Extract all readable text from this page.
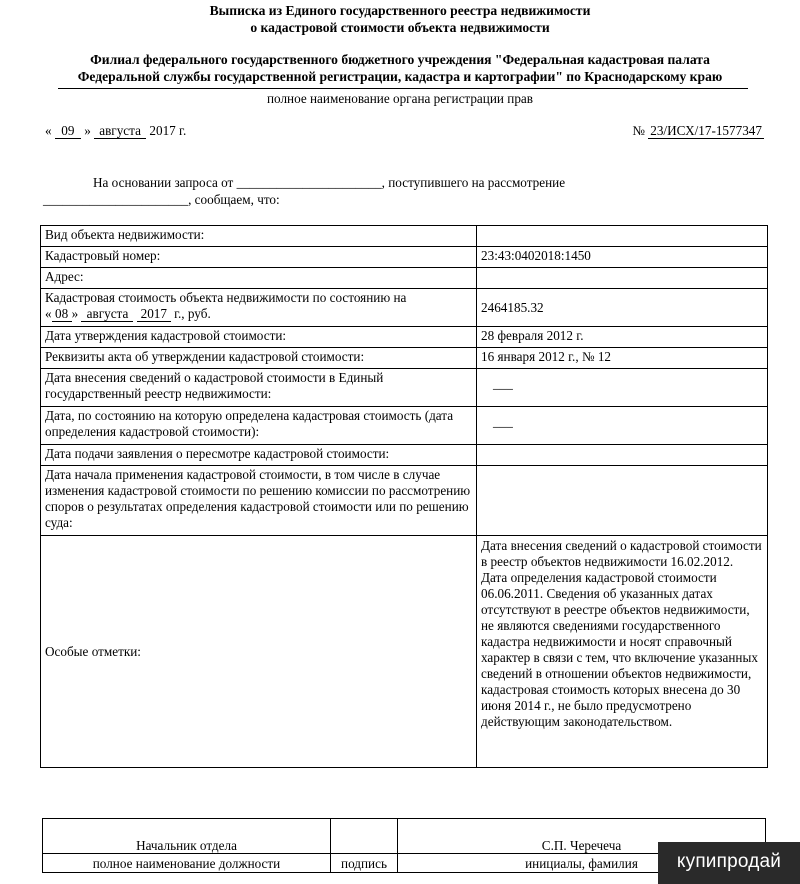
Выписка из Единого государственного реестра недвижимости
о кадастровой стоимости объекта недвижимости
Филиал федерального государственного бюджетного учреждения "Федеральная кадастровая палата
Федеральной службы государственной регистрации, кадастра и картографии" по Краснодарскому краю
полное наименование органа регистрации прав
« 09 » августа 2017 г.	№ 23/ИСХ/17-1577347
На основании запроса от ______________________, поступившего на рассмотрение
______________________, сообщаем, что:
Вид объекта недвижимости:	
Кадастровый номер:	23:43:0402018:1450
Адрес:	

Кадастровая стоимость объекта недвижимости по состоянию на
« 08 » августа 2017 г., руб.	2464185.32
Дата утверждения кадастровой стоимости:	28 февраля 2012 г.
Реквизиты акта об утверждении кадастровой стоимости:	16 января 2012 г., № 12
Дата внесения сведений о кадастровой стоимости в Единый государственный реестр недвижимости:	___
Дата, по состоянию на которую определена кадастровая стоимость (дата определения кадастровой стоимости):	___
Дата подачи заявления о пересмотре кадастровой стоимости:	
Дата начала применения кадастровой стоимости, в том числе в случае изменения кадастровой стоимости по решению комиссии по рассмотрению споров о результатах определения кадастровой стоимости или по решению суда:	
Особые отметки:	Дата внесения сведений о кадастровой стоимости в реестр объектов недвижимости 16.02.2012. Дата определения кадастровой стоимости 06.06.2011. Сведения об указанных датах отсутствуют в реестре объектов недвижимости, не являются сведениями государственного кадастра недвижимости и носят справочный характер в связи с тем, что включение указанных сведений в отношении объектов недвижимости, кадастровая стоимость которых внесена до 30 июня 2014 г., не было предусмотрено действующим законодательством.
Начальник отдела		С.П. Черечеча
полное наименование должности	подпись	инициалы, фамилия	купипродай
